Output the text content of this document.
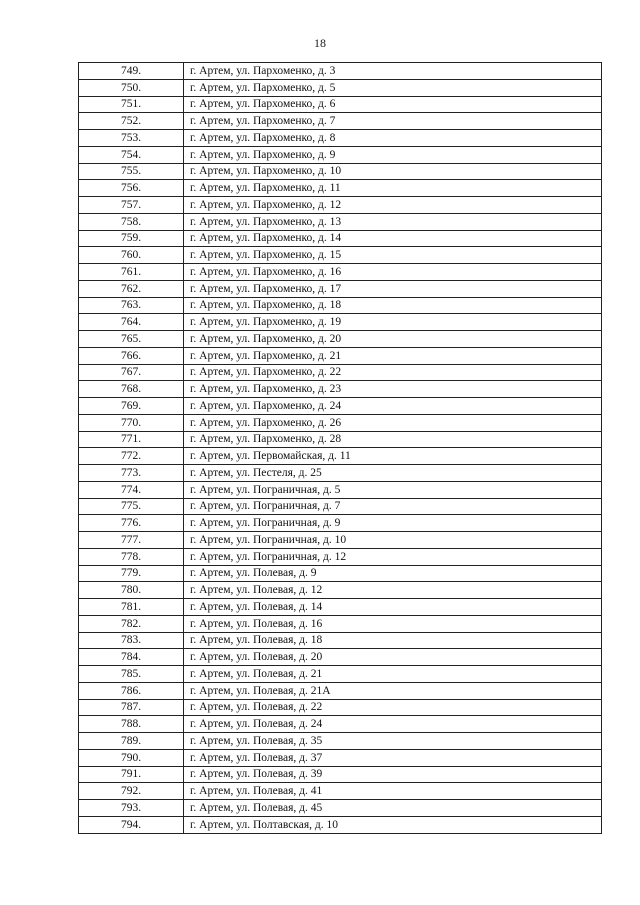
18
749.	г. Артем, ул. Пархоменко, д. 3
750.	г. Артем, ул. Пархоменко, д. 5
751.	г. Артем, ул. Пархоменко, д. 6
752.	г. Артем, ул. Пархоменко, д. 7
753.	г. Артем, ул. Пархоменко, д. 8
754.	г. Артем, ул. Пархоменко, д. 9
755.	г. Артем, ул. Пархоменко, д. 10
756.	г. Артем, ул. Пархоменко, д. 11
757.	г. Артем, ул. Пархоменко, д. 12
758.	г. Артем, ул. Пархоменко, д. 13
759.	г. Артем, ул. Пархоменко, д. 14
760.	г. Артем, ул. Пархоменко, д. 15
761.	г. Артем, ул. Пархоменко, д. 16
762.	г. Артем, ул. Пархоменко, д. 17
763.	г. Артем, ул. Пархоменко, д. 18
764.	г. Артем, ул. Пархоменко, д. 19
765.	г. Артем, ул. Пархоменко, д. 20
766.	г. Артем, ул. Пархоменко, д. 21
767.	г. Артем, ул. Пархоменко, д. 22
768.	г. Артем, ул. Пархоменко, д. 23
769.	г. Артем, ул. Пархоменко, д. 24
770.	г. Артем, ул. Пархоменко, д. 26
771.	г. Артем, ул. Пархоменко, д. 28
772.	г. Артем, ул. Первомайская, д. 11
773.	г. Артем, ул. Пестеля, д. 25
774.	г. Артем, ул. Пограничная, д. 5
775.	г. Артем, ул. Пограничная, д. 7
776.	г. Артем, ул. Пограничная, д. 9
777.	г. Артем, ул. Пограничная, д. 10
778.	г. Артем, ул. Пограничная, д. 12
779.	г. Артем, ул. Полевая, д. 9
780.	г. Артем, ул. Полевая, д. 12
781.	г. Артем, ул. Полевая, д. 14
782.	г. Артем, ул. Полевая, д. 16
783.	г. Артем, ул. Полевая, д. 18
784.	г. Артем, ул. Полевая, д. 20
785.	г. Артем, ул. Полевая, д. 21
786.	г. Артем, ул. Полевая, д. 21А
787.	г. Артем, ул. Полевая, д. 22
788.	г. Артем, ул. Полевая, д. 24
789.	г. Артем, ул. Полевая, д. 35
790.	г. Артем, ул. Полевая, д. 37
791.	г. Артем, ул. Полевая, д. 39
792.	г. Артем, ул. Полевая, д. 41
793.	г. Артем, ул. Полевая, д. 45
794.	г. Артем, ул. Полтавская, д. 10
